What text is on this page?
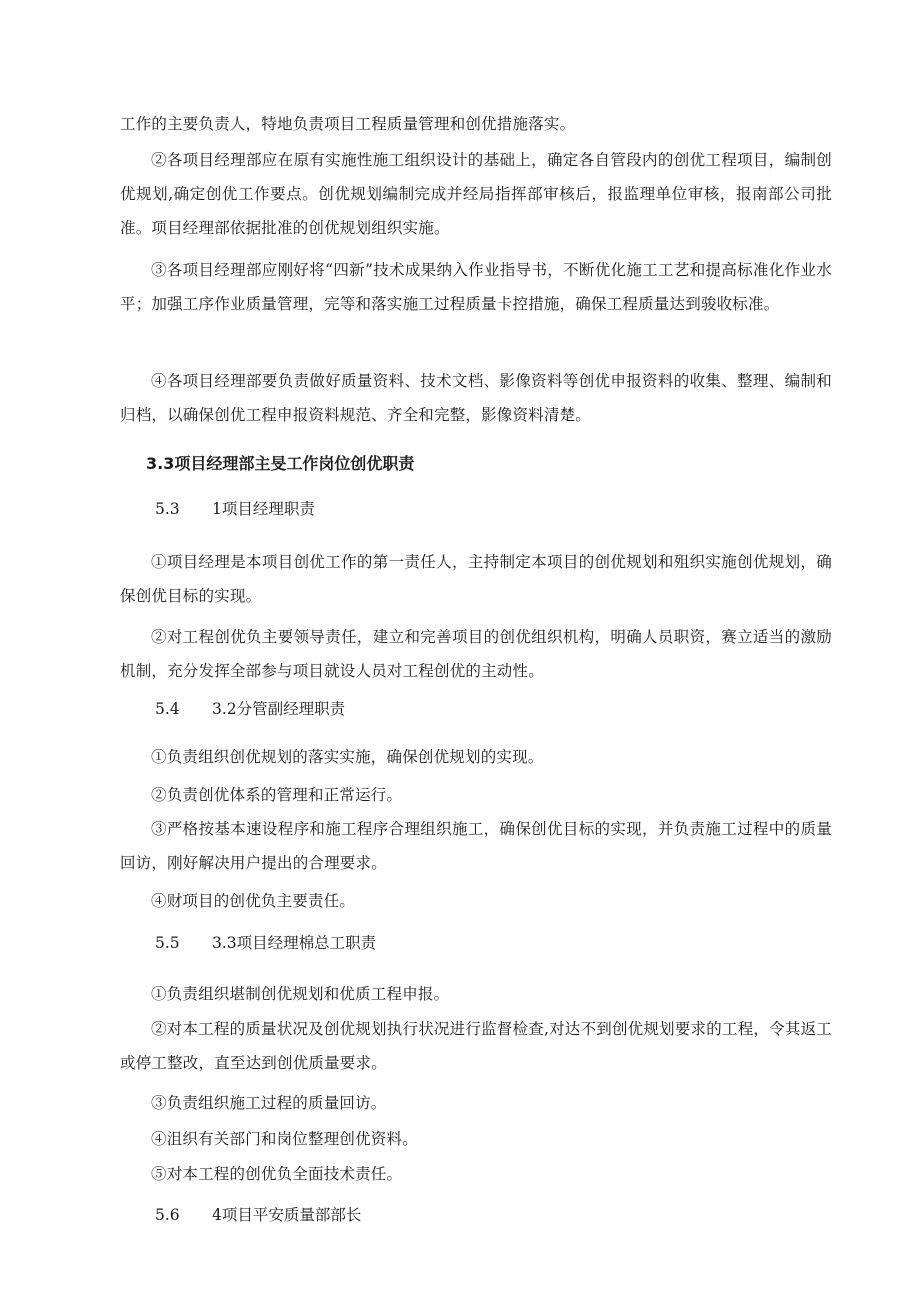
工作的主要负责人，特地负责项目工程质量管理和创优措施落实。

②各项目经理部应在原有实施性施工组织设计的基础上，确定各自管段内的创优工程项目，编制创优规划,确定创优工作要点。创优规划编制完成并经局指挥部审核后，报监理单位审核，报南部公司批准。项目经理部依据批准的创优规划组织实施。

③各项目经理部应刚好将“四新”技术成果纳入作业指导书，不断优化施工工艺和提高标准化作业水平；加强工序作业质量管理，完等和落实施工过程质量卡控措施，确保工程质量达到骏收标准。

④各项目经理部要负责做好质量资料、技术文档、影像资料等创优申报资料的收集、整理、编制和归档，以确保创优工程申报资料规范、齐全和完整，影像资料清楚。

3.3项目经理部主旻工作岗位创优职责

5.3 1项目经理职责

①项目经理是本项目创优工作的第一责任人，主持制定本项目的创优规划和殂织实施创优规划，确保创优目标的实现。

②对工程创优负主要领导责任，建立和完善项目的创优组织机构，明确人员职资，赛立适当的激励机制，充分发挥全部参与项目就设人员对工程创优的主动性。

5.4 3.2分管副经理职责

①负责组织创优规划的落实实施，确保创优规划的实现。

②负责创优体系的管理和正常运行。

③严格按基本速设程序和施工程序合理组织施工，确保创优目标的实现，并负责施工过程中的质量回访，刚好解决用户提出的合理要求。

④财项目的创优负主要责任。

5.5 3.3项目经理棉总工职责

①负责组织堪制创优规划和优质工程申报。

②对本工程的质量状况及创优规划执行状况进行监督检查,对达不到创优规划要求的工程，令其返工或停工整改，直至达到创优质量要求。

③负责组织施工过程的质量回访。

④沮织有关部门和岗位整理创优资料。

⑤对本工程的创优负全面技术责任。

5.6 4项目平安质量部部长
